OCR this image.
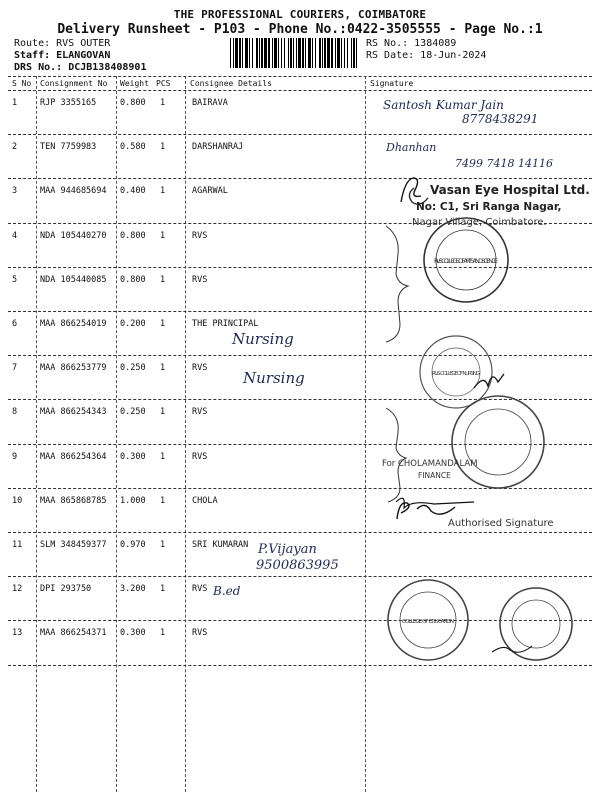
THE PROFESSIONAL COURIERS, COIMBATORE
Delivery Runsheet - P103 - Phone No.:0422-3505555 - Page No.:1
Route: RVS OUTER
Staff: ELANGOVAN
DRS No.: DCJB138408901
RS No.: 1384089
RS Date: 18-Jun-2024
S No Consignment No Weight PCS Consignee Details	Signature
1	RJP 3355165	0.800 1	BAIRAVA
2	TEN 7759983	0.580 1	DARSHANRAJ
3	MAA 944685694 0.400 1	AGARWAL
4	NDA 105440270 0.800 1	RVS
5	NDA 105440085 0.800 1	RVS
6	MAA 866254019 0.200 1	THE PRINCIPAL
7	MAA 866253779 0.250 1	RVS
8	MAA 866254343 0.250 1	RVS
9	MAA 866254364 0.300 1	RVS
10 MAA 865868785 1.000 1	CHOLA
11 SLM 348459377 0.970 1	SRI KUMARAN
12 DPI 293750	3.200 1	RVS
13 MAA 866254371 0.300 1	RVS
Santosh Kumar Jain
8778438291
Dhanhan
7499 7418 14116
Nursing
Nursing
P.Vijayan
9500863995
B.ed
Vasan Eye Hospital Ltd.
No: C1, Sri Ranga Nagar,
Nagar Village, Coimbatore.
RVS COLLEGE OF ARTS AND SCIENCE
R.V.S. COLLEGE OF NURSING
For CHOLAMANDALAM
FINANCE
Authorised Signature
COLLEGE OF EDUCATION
